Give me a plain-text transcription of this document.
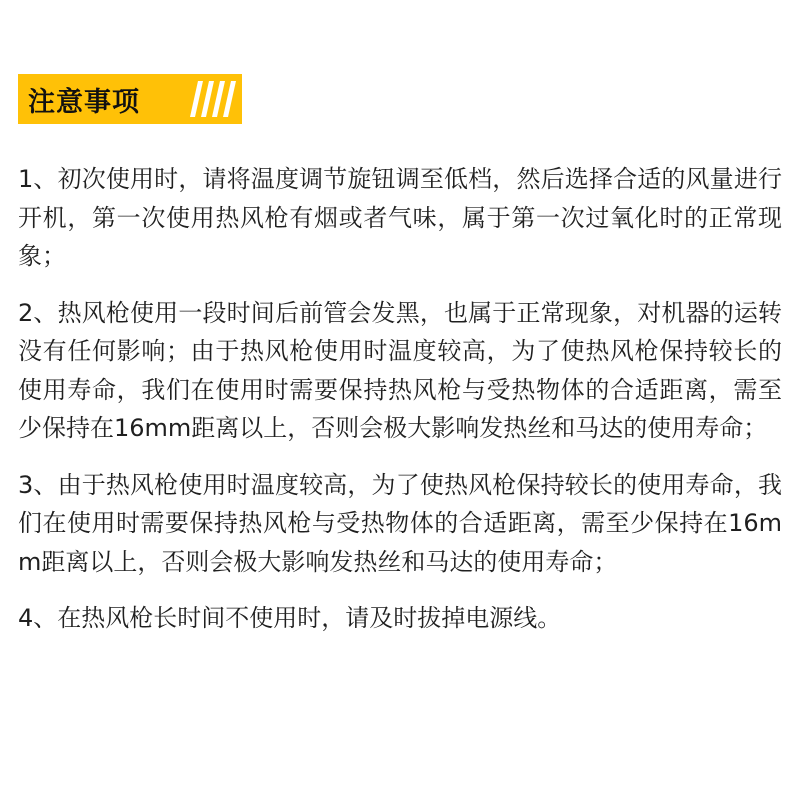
注意事项

1、初次使用时，请将温度调节旋钮调至低档，然后选择合适的风量进行开机，第一次使用热风枪有烟或者气味，属于第一次过氧化时的正常现象；

2、热风枪使用一段时间后前管会发黑，也属于正常现象，对机器的运转没有任何影响；由于热风枪使用时温度较高，为了使热风枪保持较长的使用寿命，我们在使用时需要保持热风枪与受热物体的合适距离，需至少保持在16mm距离以上，否则会极大影响发热丝和马达的使用寿命；

3、由于热风枪使用时温度较高，为了使热风枪保持较长的使用寿命，我们在使用时需要保持热风枪与受热物体的合适距离，需至少保持在16mm距离以上，否则会极大影响发热丝和马达的使用寿命；

4、在热风枪长时间不使用时，请及时拔掉电源线。
